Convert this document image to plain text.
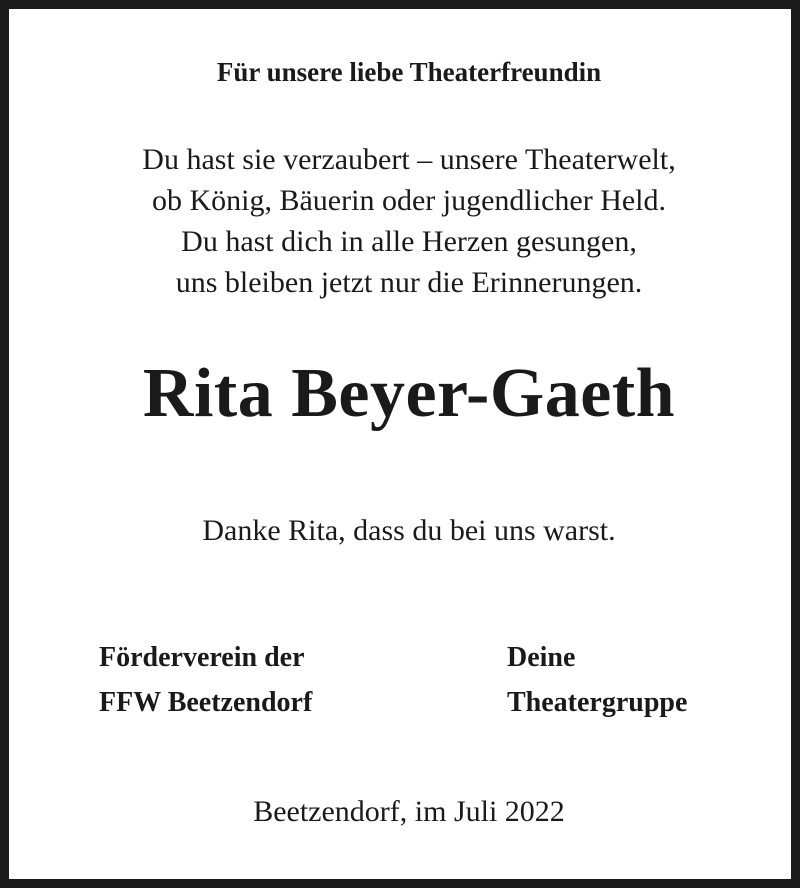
Für unsere liebe Theaterfreundin
Du hast sie verzaubert – unsere Theaterwelt,
ob König, Bäuerin oder jugendlicher Held.
Du hast dich in alle Herzen gesungen,
uns bleiben jetzt nur die Erinnerungen.
Rita Beyer-Gaeth
Danke Rita, dass du bei uns warst.
Förderverein der
FFW Beetzendorf
Deine
Theatergruppe
Beetzendorf, im Juli 2022
